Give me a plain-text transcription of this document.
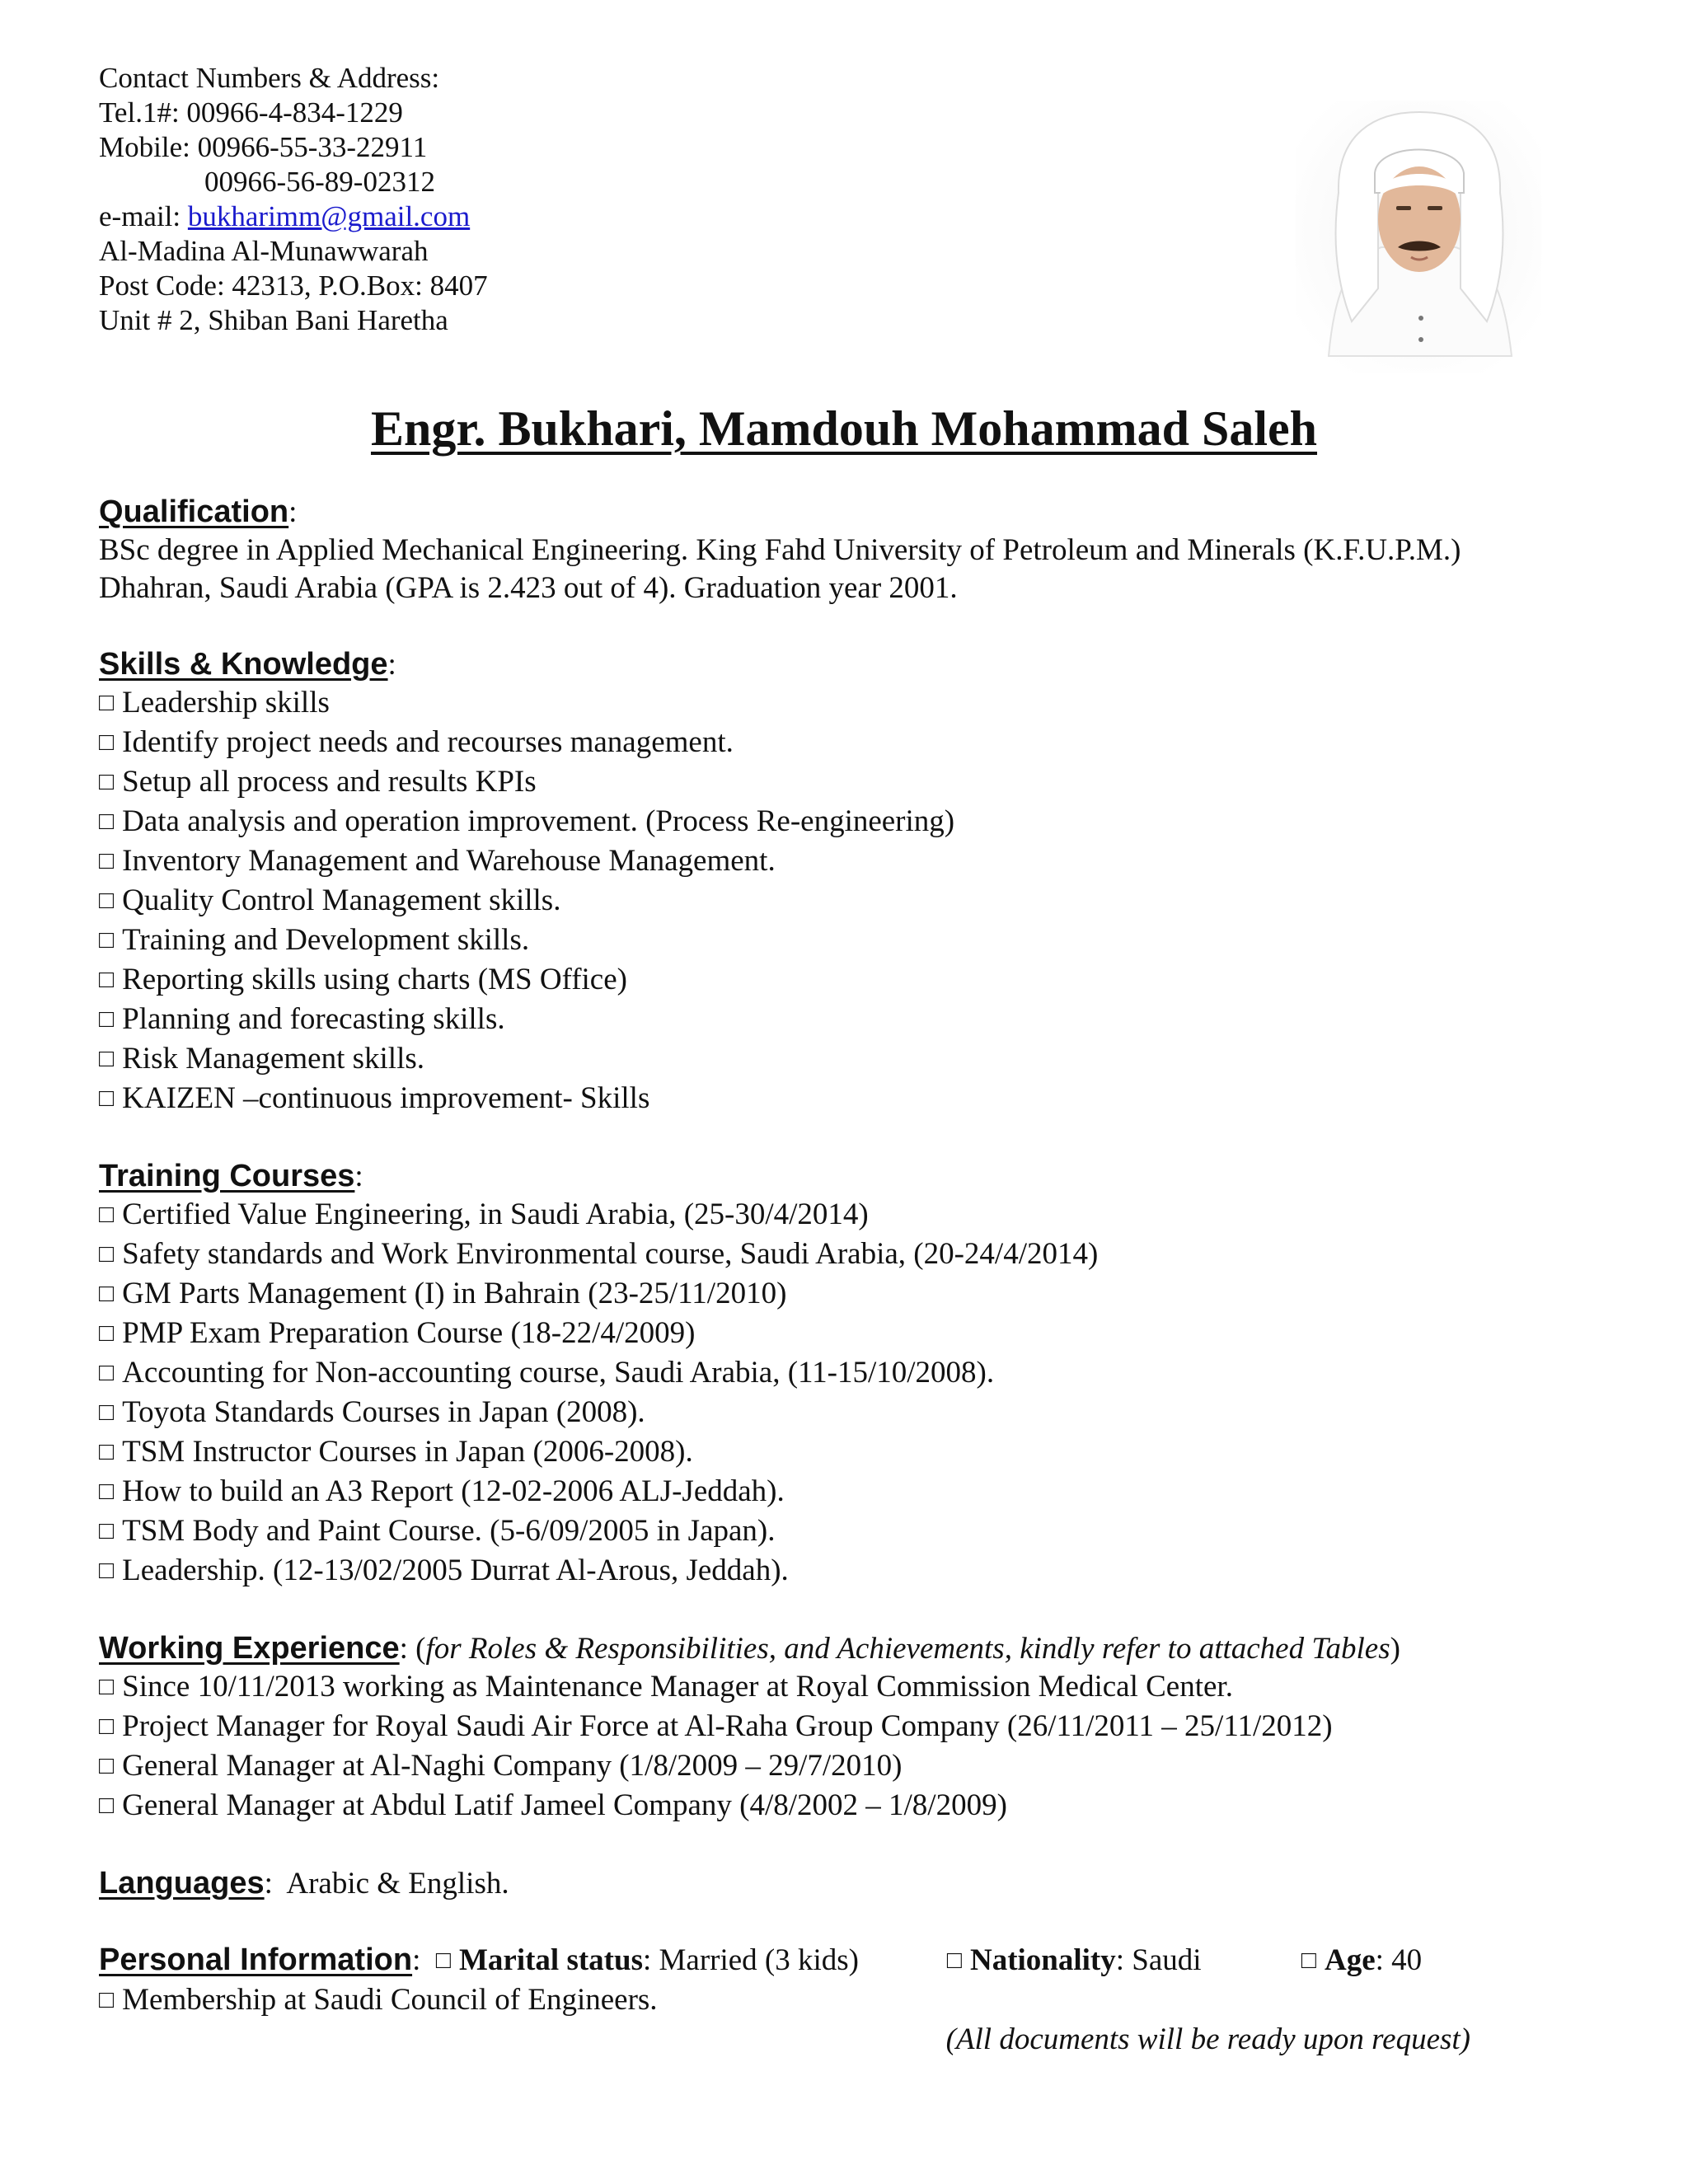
Contact Numbers & Address:
Tel.1#: 00966-4-834-1229
Mobile: 00966-55-33-22911
00966-56-89-02312
e-mail: bukharimm@gmail.com
Al-Madina Al-Munawwarah
Post Code: 42313, P.O.Box: 8407
Unit # 2, Shiban Bani Haretha
Engr. Bukhari, Mamdouh Mohammad Saleh
Qualification:
BSc degree in Applied Mechanical Engineering. King Fahd University of Petroleum and Minerals (K.F.U.P.M.)
Dhahran, Saudi Arabia (GPA is 2.423 out of 4). Graduation year 2001.
Skills & Knowledge:
□ Leadership skills
□ Identify project needs and recourses management.
□ Setup all process and results KPIs
□ Data analysis and operation improvement. (Process Re-engineering)
□ Inventory Management and Warehouse Management.
□ Quality Control Management skills.
□ Training and Development skills.
□ Reporting skills using charts (MS Office)
□ Planning and forecasting skills.
□ Risk Management skills.
□ KAIZEN –continuous improvement- Skills
Training Courses:
□ Certified Value Engineering, in Saudi Arabia, (25-30/4/2014)
□ Safety standards and Work Environmental course, Saudi Arabia, (20-24/4/2014)
□ GM Parts Management (I) in Bahrain (23-25/11/2010)
□ PMP Exam Preparation Course (18-22/4/2009)
□ Accounting for Non-accounting course, Saudi Arabia, (11-15/10/2008).
□ Toyota Standards Courses in Japan (2008).
□ TSM Instructor Courses in Japan (2006-2008).
□ How to build an A3 Report (12-02-2006 ALJ-Jeddah).
□ TSM Body and Paint Course. (5-6/09/2005 in Japan).
□ Leadership. (12-13/02/2005 Durrat Al-Arous, Jeddah).
Working Experience: (for Roles & Responsibilities, and Achievements, kindly refer to attached Tables)
□ Since 10/11/2013 working as Maintenance Manager at Royal Commission Medical Center.
□ Project Manager for Royal Saudi Air Force at Al-Raha Group Company (26/11/2011 – 25/11/2012)
□ General Manager at Al-Naghi Company (1/8/2009 – 29/7/2010)
□ General Manager at Abdul Latif Jameel Company (4/8/2002 – 1/8/2009)
Languages:  Arabic & English.
Personal Information:  □ Marital status: Married (3 kids)	□ Nationality: Saudi	□ Age: 40
□ Membership at Saudi Council of Engineers.
(All documents will be ready upon request)
